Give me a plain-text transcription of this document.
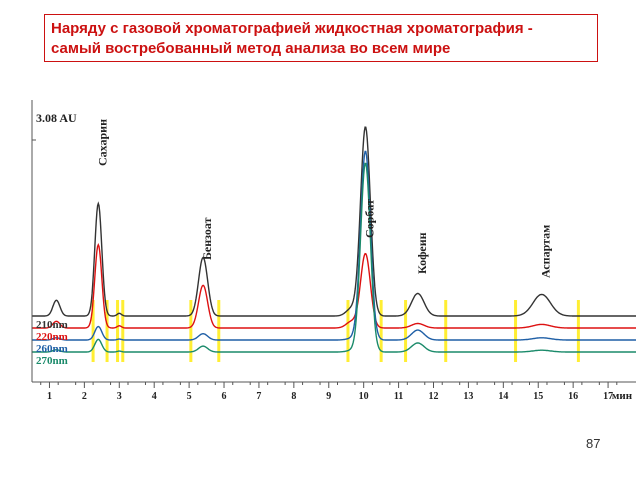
Наряду с газовой хроматографией жидкостная хроматография -
самый востребованный метод анализа во всем мире
1	2	3	4	5	6	7	8	9	10	11	12 13 14 15 16 17
мин
3.08 AU
Сахарин
Бензоат	Сорбат
Кофеин	Аспартам
210nm
220nm
260nm
270nm
87
